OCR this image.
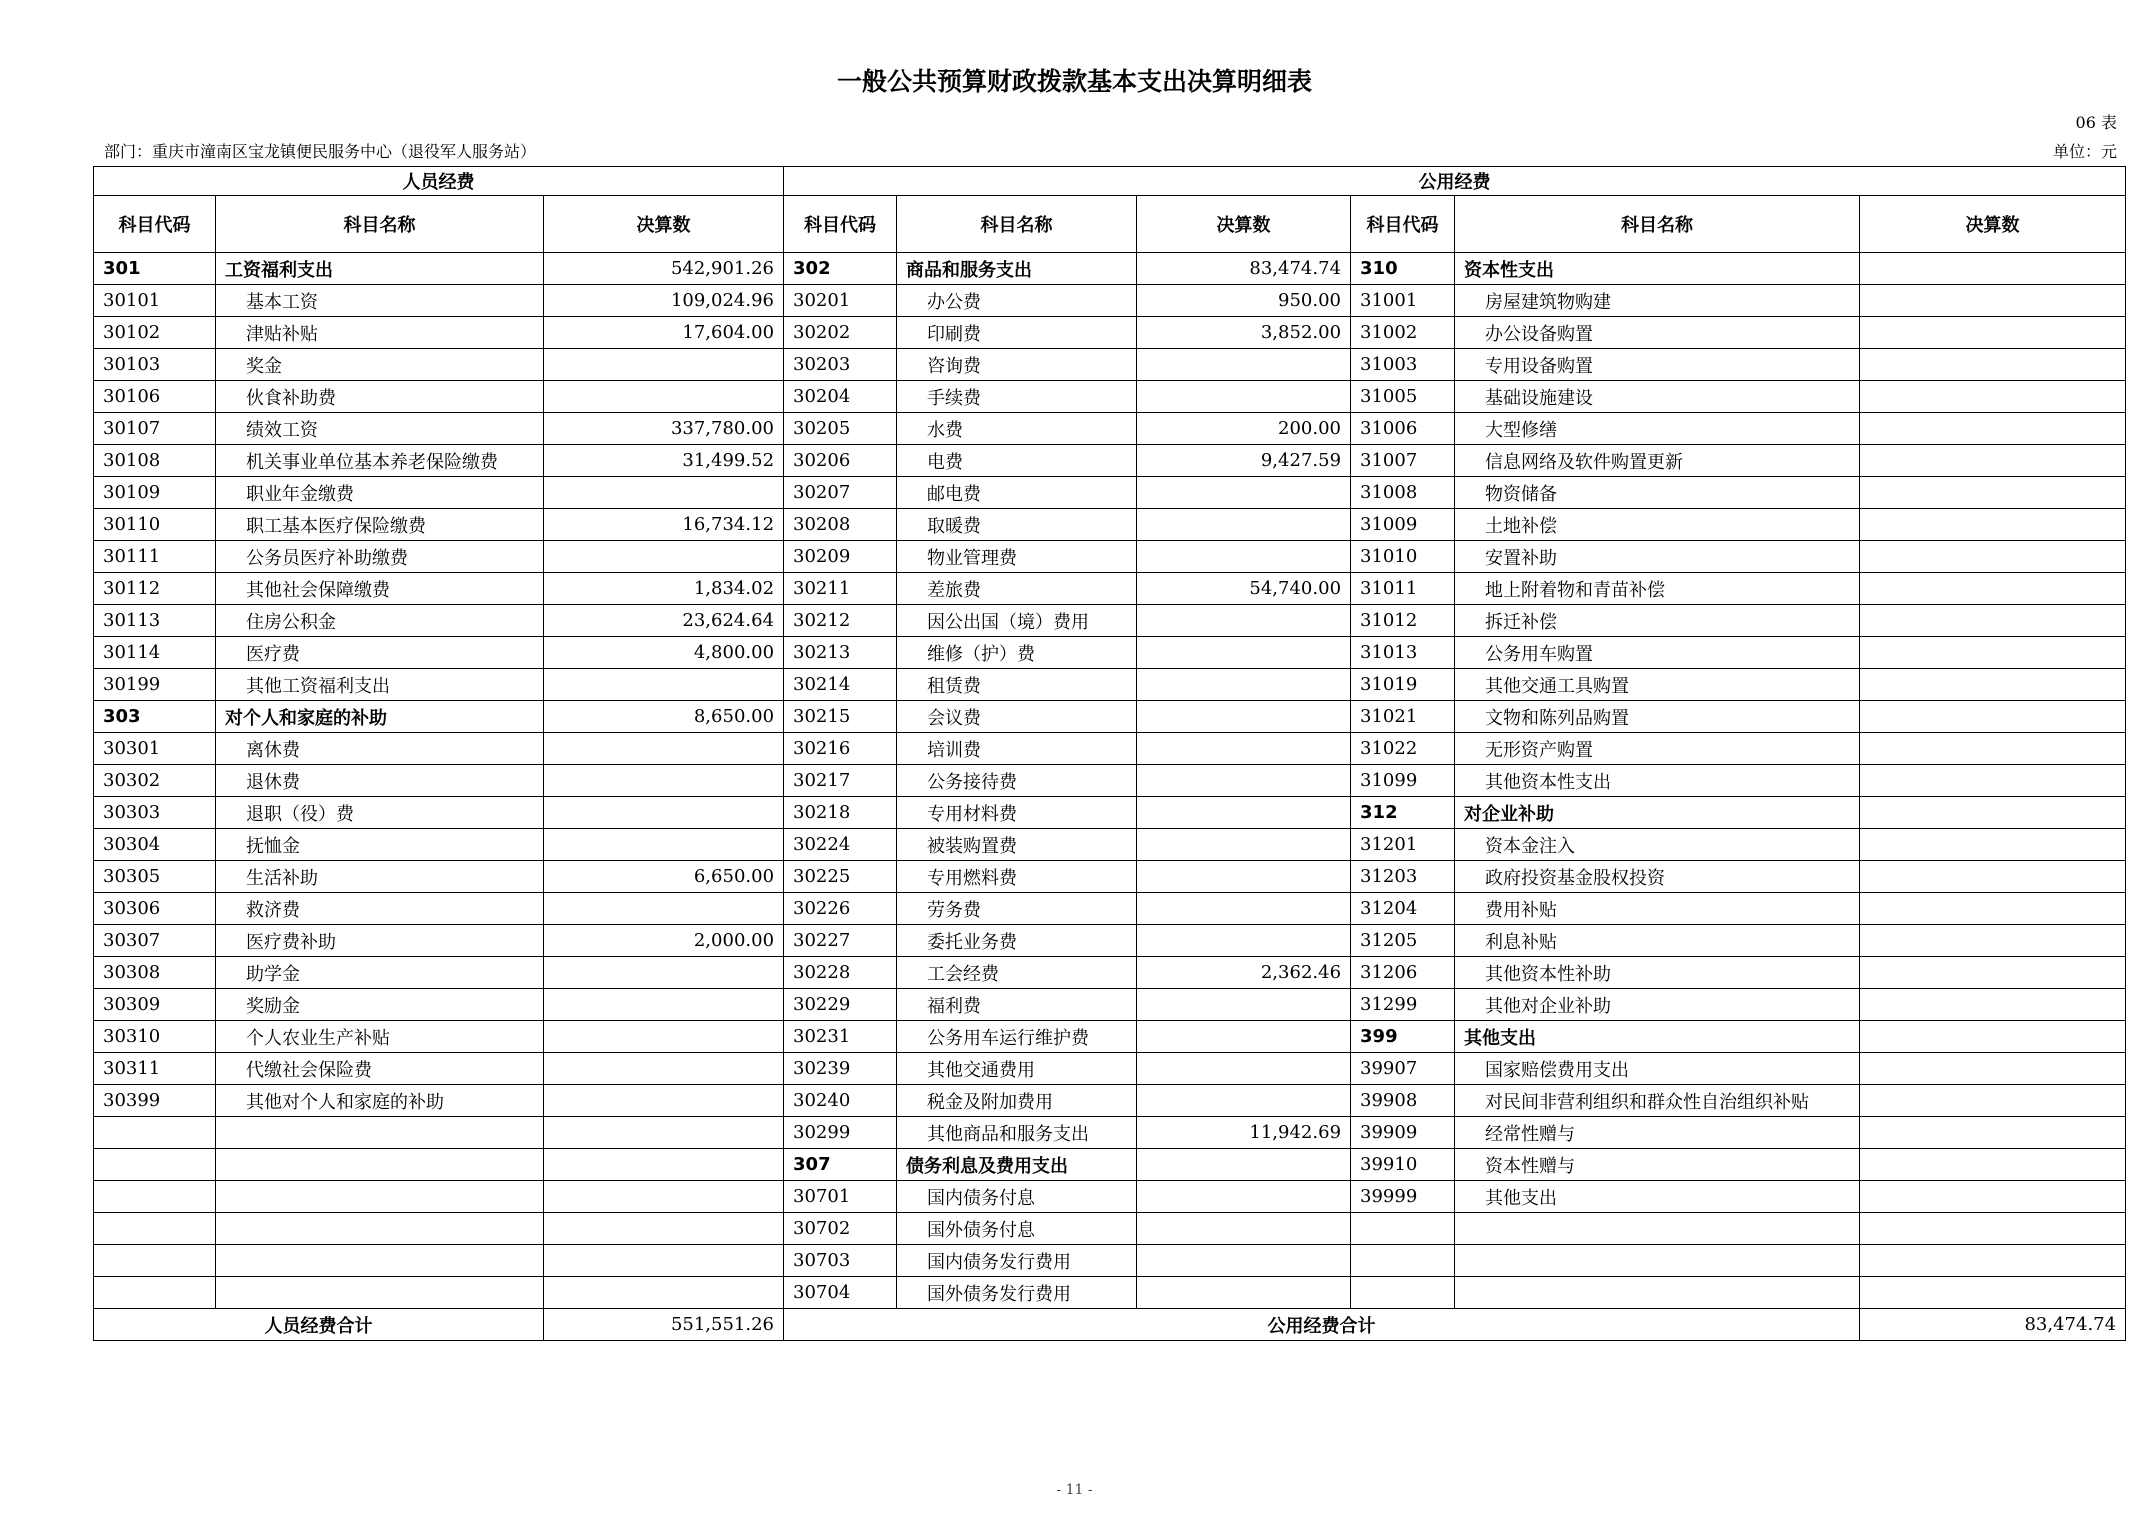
一般公共预算财政拨款基本支出决算明细表
06 表
部门：重庆市潼南区宝龙镇便民服务中心（退役军人服务站）	单位：元
人员经费			公用经费					
科目代码	科目名称	决算数	科目代码	科目名称	决算数	科目代码	科目名称	决算数
301	工资福利支出	542,901.26	302	商品和服务支出	83,474.74	310	资本性支出	
30101	基本工资	109,024.96	30201	办公费	950.00	31001	房屋建筑物购建	
30102	津贴补贴	17,604.00	30202	印刷费	3,852.00	31002	办公设备购置	
30103	奖金		30203	咨询费		31003	专用设备购置	
30106	伙食补助费		30204	手续费		31005	基础设施建设	
30107	绩效工资	337,780.00	30205	水费	200.00	31006	大型修缮	
30108	机关事业单位基本养老保险缴费	31,499.52	30206	电费	9,427.59	31007	信息网络及软件购置更新	
30109	职业年金缴费		30207	邮电费		31008	物资储备	
30110	职工基本医疗保险缴费	16,734.12	30208	取暖费		31009	土地补偿	
30111	公务员医疗补助缴费		30209	物业管理费		31010	安置补助	
30112	其他社会保障缴费	1,834.02	30211	差旅费	54,740.00	31011	地上附着物和青苗补偿	
30113	住房公积金	23,624.64	30212	因公出国（境）费用		31012	拆迁补偿	
30114	医疗费	4,800.00	30213	维修（护）费		31013	公务用车购置	
30199	其他工资福利支出		30214	租赁费		31019	其他交通工具购置	
303	对个人和家庭的补助	8,650.00	30215	会议费		31021	文物和陈列品购置	
30301	离休费		30216	培训费		31022	无形资产购置	
30302	退休费		30217	公务接待费		31099	其他资本性支出	
30303	退职（役）费		30218	专用材料费		312	对企业补助	
30304	抚恤金		30224	被装购置费		31201	资本金注入	
30305	生活补助	6,650.00	30225	专用燃料费		31203	政府投资基金股权投资	
30306	救济费		30226	劳务费		31204	费用补贴	
30307	医疗费补助	2,000.00	30227	委托业务费		31205	利息补贴	
30308	助学金		30228	工会经费	2,362.46	31206	其他资本性补助	
30309	奖励金		30229	福利费		31299	其他对企业补助	
30310	个人农业生产补贴		30231	公务用车运行维护费		399	其他支出	
30311	代缴社会保险费		30239	其他交通费用		39907	国家赔偿费用支出	
30399	其他对个人和家庭的补助		30240	税金及附加费用		39908	对民间非营利组织和群众性自治组织补贴	
			30299	其他商品和服务支出	11,942.69	39909	经常性赠与	
			307	债务利息及费用支出		39910	资本性赠与	
			30701	国内债务付息		39999	其他支出	
			30702	国外债务付息				
			30703	国内债务发行费用				
			30704	国外债务发行费用				
人员经费合计		551,551.26	公用经费合计					83,474.74
- 11 -
